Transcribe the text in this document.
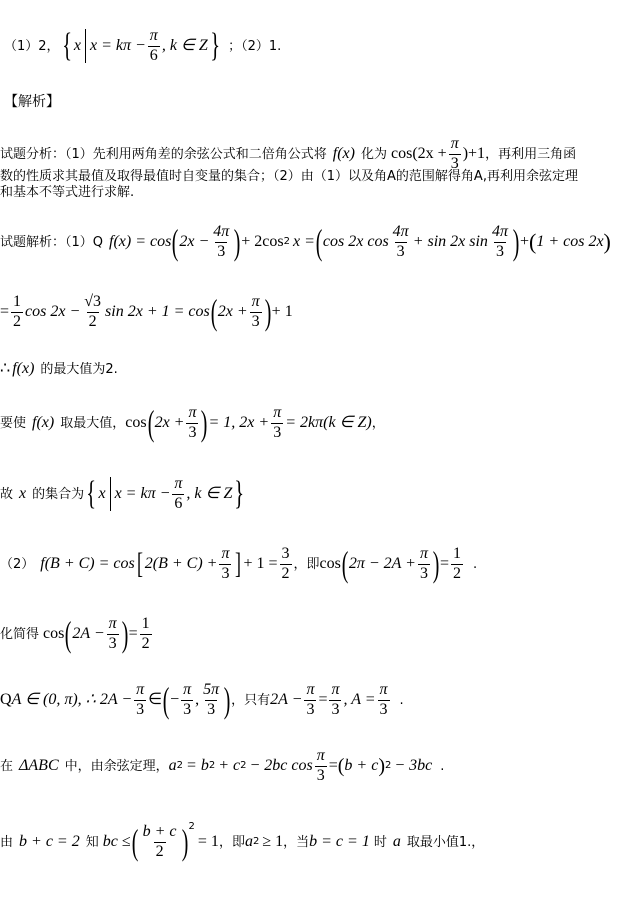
（1）2， { x $x = k\pi - \frac{\pi}{6}$ , k ∈ Z } ；（2）1.
【解析】
试题分析：（1）先利用两角差的余弦公式和二倍角公式将 f(x) 化为 $\cos(2x + \frac{\pi}{3} )+1$ ，再利用三角函
数的性质求其最值及取得最值时自变量的集合；（2）由（1）以及角A的范围解得角A,再利用余弦定理
和基本不等式进行求解.
试题解析：（1）Q f(x) = cos ( $2x - \frac{4\pi}{3}$ ) + 2cos 2 x = ( cos 2x $\cos \frac{4\pi}{3} + \sin 2x$ $\sin \frac{4\pi}{3}$ ) + ( 1 + cos 2x )
= $\frac{1}{2}$ $\cos 2x - \frac{√3}{2}$ sin 2x + 1 = cos ( $2x + \frac{\pi}{3}$ ) + 1
∴ f(x) 的最大值为2.
要使 f(x) 取最大值， cos ( $2x + \frac{\pi}{3}$ ) = 1, $2x + \frac{\pi}{3} = 2k\pi(k$ ∈ Z) ，
故 x 的集合为 { x $x = k\pi - \frac{\pi}{6}$ , k ∈ Z }
（2） f(B + C) = cos [ $2(B + C) + \frac{\pi}{3}$ ] + $1 = \frac{3}{2}$ ，即 cos ( $2\pi - 2A + \frac{\pi}{3}$ ) = $\frac{1}{2}$ .
化简得 cos ( $2A - \frac{\pi}{3}$ ) = $\frac{1}{2}$
Q A ∈ (0, π), ∴ $2A - \frac{\pi}{3}$ ∈ ( − $\frac{\pi}{3}$ , $\frac{5\pi}{3}$ ) ，只有 $2A - \frac{\pi}{3} = \frac{\pi}{3}$ , $A = \frac{\pi}{3}$ .
在 ΔABC 中，由余弦定理， a 2 = b 2 + c 2 − 2bc $\cos \frac{\pi}{3}$ = ( b + c ) 2 − 3bc .
由 b + c = 2 知 bc ≤ ( $\frac{b + c}{2}$ ) 2
= 1 ，即 a 2 ≥ 1 ，当 b = c = 1 时 a 取最小值1.，
